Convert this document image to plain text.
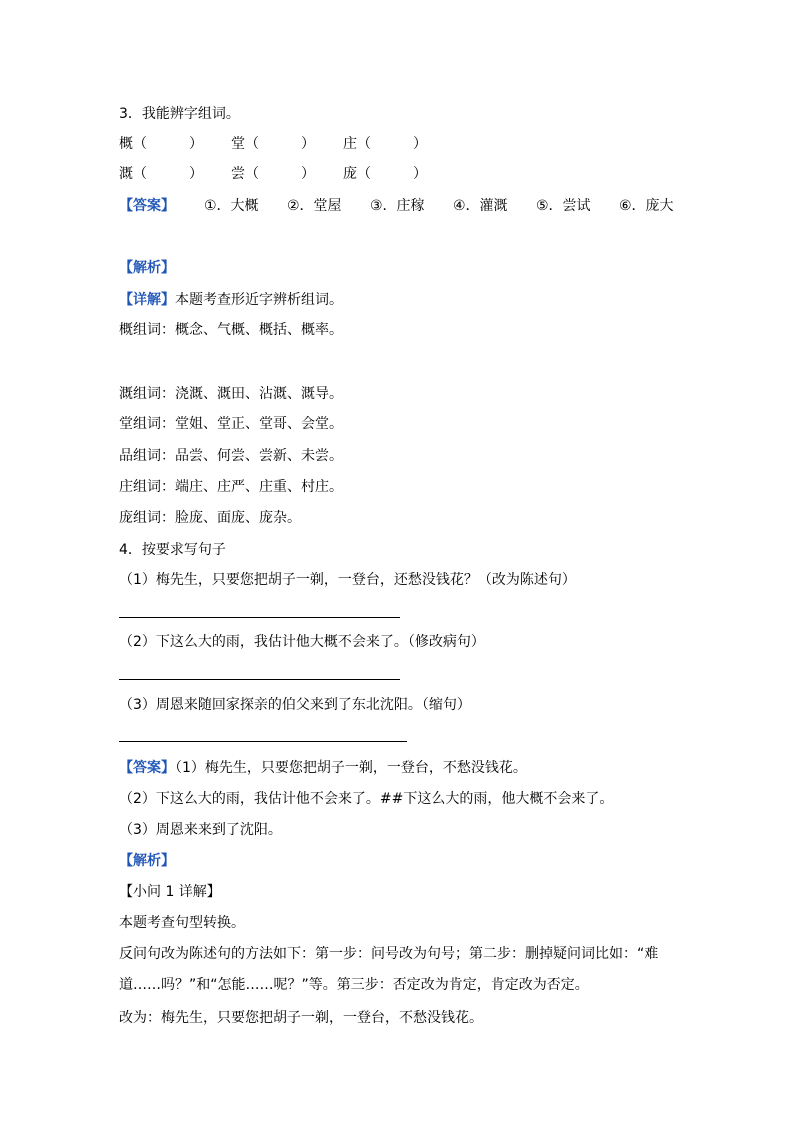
3．我能辨字组词。
概（　　　） 堂（　　　） 庄（　　　）
溉（　　　） 尝（　　　） 庞（　　　）
【答案】 ①．大概 ②．堂屋 ③．庄稼 ④．灌溉 ⑤．尝试 ⑥．庞大
【解析】
【详解】本题考查形近字辨析组词。
概组词：概念、气概、概括、概率。
溉组词：浇溉、溉田、沾溉、溉导。
堂组词：堂姐、堂正、堂哥、会堂。
品组词：品尝、何尝、尝新、未尝。
庄组词：端庄、庄严、庄重、村庄。
庞组词：脸庞、面庞、庞杂。
4．按要求写句子
（1）梅先生，只要您把胡子一剃，一登台，还愁没钱花？（改为陈述句）
（2）下这么大的雨，我估计他大概不会来了。（修改病句）
（3）周恩来随回家探亲的伯父来到了东北沈阳。（缩句）
【答案】（1）梅先生，只要您把胡子一剃，一登台，不愁没钱花。
（2）下这么大的雨，我估计他不会来了。##下这么大的雨，他大概不会来了。
（3）周恩来来到了沈阳。
【解析】
【小问 1 详解】
本题考查句型转换。
反问句改为陈述句的方法如下：第一步：问号改为句号；第二步：删掉疑问词比如：“难
道……吗？”和“怎能……呢？”等。第三步：否定改为肯定，肯定改为否定。
改为：梅先生，只要您把胡子一剃，一登台，不愁没钱花。
